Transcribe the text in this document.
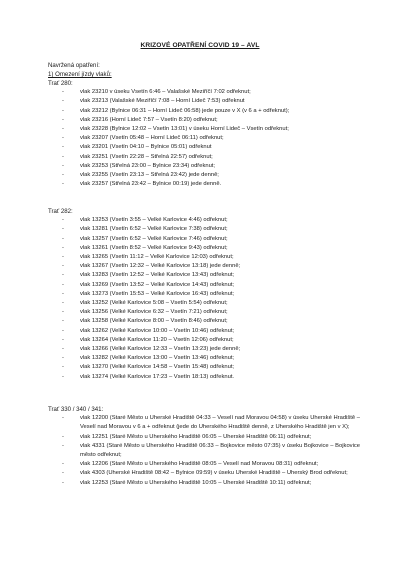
KRIZOVÉ OPATŘENÍ COVID 19 – AVL
Navržená opatření:
1) Omezení jízdy vlaků:
Trať 280:
- vlak 23210 v úseku Vsetín 6:46 – Valašské Meziříčí 7:02 odřeknut;
- vlak 23213 (Valašské Meziříčí 7:08 – Horní Lideč 7:53) odřeknut
- vlak 23212 (Bylnice 06:31 – Horní Lideč 06:58) jede pouze v X (v 6 a + odřeknut);
- vlak 23216 (Horní Lideč 7:57 – Vsetín 8:20) odřeknut;
- vlak 23228 (Bylnice 12:02 – Vsetín 13:01) v úseku Horní Lideč – Vsetín odřeknut;
- vlak 23207 (Vsetín 05:48 – Horní Lideč 06:11) odřeknut;
- vlak 23201 (Vsetín 04:10 – Bylnice 05:01) odřeknut
- vlak 23251 (Vsetín 22:28 – Střelná 22:57) odřeknut;
- vlak 23253 (Střelná 23:00 – Bylnice 23:34) odřeknut;
- vlak 23255 (Vsetín 23:13 – Střelná 23:42) jede denně;
- vlak 23257 (Střelná 23:42 – Bylnice 00:19) jede denně.
Trať 282:
- vlak 13253 (Vsetín 3:55 – Velké Karlovice 4:46) odřeknut;
- vlak 13281 (Vsetín 6:52 – Velké Karlovice 7:38) odřeknut;
- vlak 13257 (Vsetín 6:52 – Velké Karlovice 7:46) odřeknut;
- vlak 13261 (Vsetín 8:52 – Velké Karlovice 9:43) odřeknut;
- vlak 13265 (Vsetín 11:12 – Velké Karlovice 12:03) odřeknut;
- vlak 13267 (Vsetín 12:32 – Velké Karlovice 13:18) jede denně;
- vlak 13283 (Vsetín 12:52 – Velké Karlovice 13:43) odřeknut;
- vlak 13269 (Vsetín 13:52 – Velké Karlovice 14:43) odřeknut;
- vlak 13273 (Vsetín 15:53 – Velké Karlovice 16:43) odřeknut;
- vlak 13252 (Velké Karlovice 5:08 – Vsetín 5:54) odřeknut;
- vlak 13256 (Velké Karlovice 6:32 – Vsetín 7:21) odřeknut;
- vlak 13258 (Velké Karlovice 8:00 – Vsetín 8:46) odřeknut;
- vlak 13262 (Velké Karlovice 10:00 – Vsetín 10:46) odřeknut;
- vlak 13264 (Velké Karlovice 11:20 – Vsetín 12:06) odřeknut;
- vlak 13266 (Velké Karlovice 12:33 – Vsetín 13:23) jede denně;
- vlak 13282 (Velké Karlovice 13:00 – Vsetín 13:46) odřeknut;
- vlak 13270 (Velké Karlovice 14:58 – Vsetín 15:48) odřeknut;
- vlak 13274 (Velké Karlovice 17:23 – Vsetín 18:13) odřeknut.
Trať 330 / 340 / 341:
- vlak 12200 (Staré Město u Uherské Hradiště 04:33 – Veselí nad Moravou 04:58) v úseku Uherské Hradiště – Veselí nad Moravou v 6 a + odřeknut (jede do Uherského Hradiště denně, z Uherského Hradiště jen v X);
- vlak 12251 (Staré Město u Uherského Hradiště 06:05 – Uherské Hradiště 06:11) odřeknut;
- vlak 4331 (Staré Město u Uherského Hradiště 06:33 – Bojkovice město 07:35) v úseku Bojkovice – Bojkovice město odřeknut;
- vlak 12206 (Staré Město u Uherského Hradiště 08:05 – Veselí nad Moravou 08:31) odřeknut;
- vlak 4303 (Uherské Hradiště 08:42 – Bylnice 09:59) v úseku Uherské Hradiště – Uherský Brod odřeknut;
- vlak 12253 (Staré Město u Uherského Hradiště 10:05 – Uherské Hradiště 10:11) odřeknut;
